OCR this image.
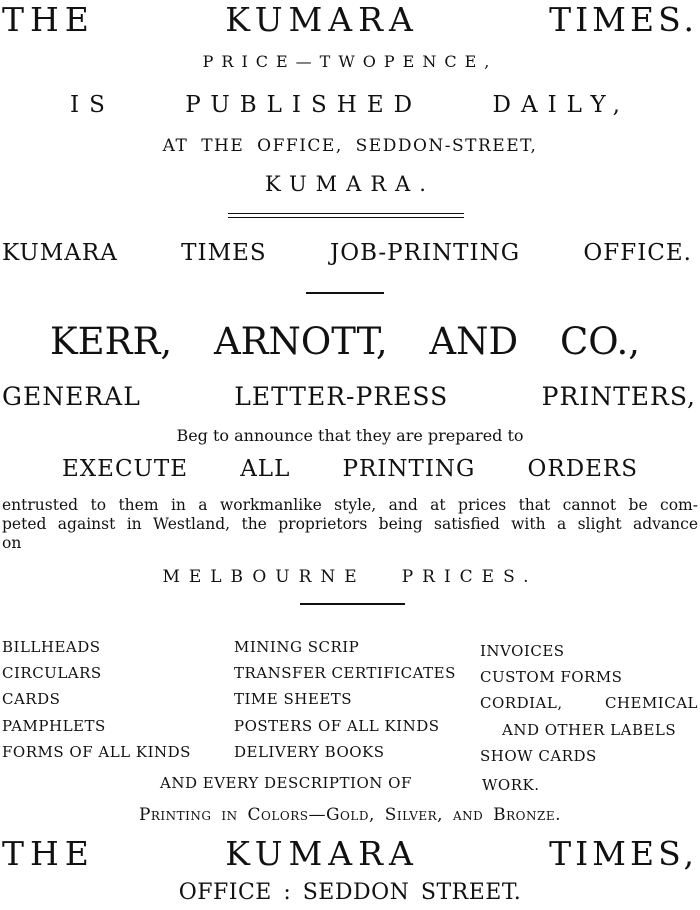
THE	KUMARA	TIMES.
PRICE—TWOPENCE,
IS	PUBLISHED	DAILY,
AT THE OFFICE, SEDDON-STREET,
KUMARA.
KUMARA	TIMES	JOB-PRINTING	OFFICE.
KERR, ARNOTT, AND CO.,
GENERAL	LETTER-PRESS	PRINTERS,
Beg to announce that they are prepared to
EXECUTE ALL PRINTING ORDERS
entrusted to them in a workmanlike style, and at prices that cannot be com-
peted against in Westland, the proprietors being satisfied with a slight advance
on
MELBOURNE PRICES.
BILLHEADS
CIRCULARS
CARDS
PAMPHLETS
FORMS OF ALL KINDS
MINING SCRIP
TRANSFER CERTIFICATES
TIME SHEETS
POSTERS OF ALL KINDS
DELIVERY BOOKS
INVOICES
CUSTOM FORMS
CORDIAL,	CHEMICAL
AND OTHER LABELS
SHOW CARDS
AND EVERY DESCRIPTION OF	WORK.
Printing in Colors—Gold, Silver, and Bronze.
THE	KUMARA	TIMES,
OFFICE : SEDDON STREET.
